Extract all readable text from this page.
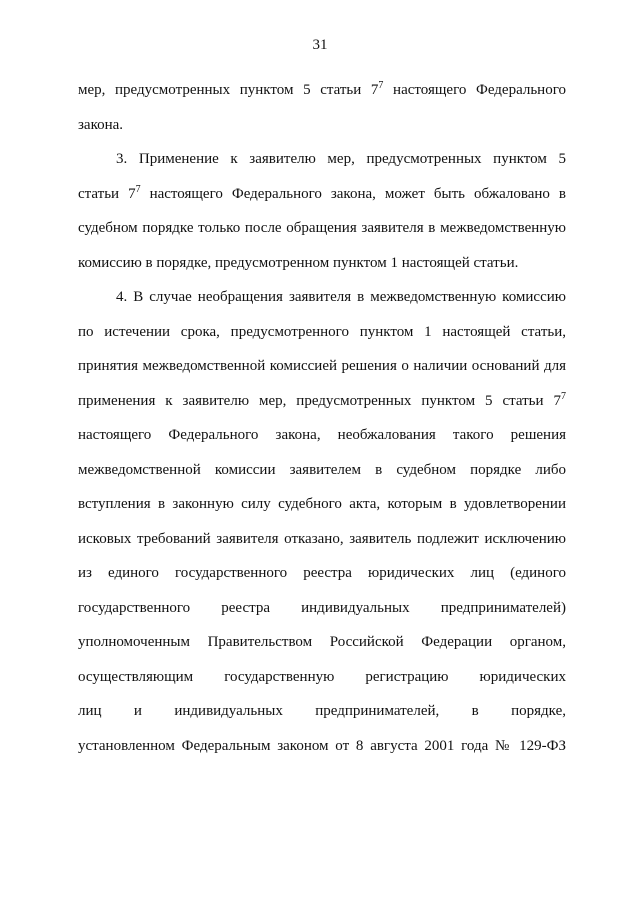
31
мер, предусмотренных пунктом 5 статьи $7^7$ настоящего Федерального
закона.
3. Применение к заявителю мер, предусмотренных пунктом 5
статьи $7^7$ настоящего Федерального закона, может быть обжаловано в
судебном порядке только после обращения заявителя в межведомственную
комиссию в порядке, предусмотренном пунктом 1 настоящей статьи.
4. В случае необращения заявителя в межведомственную комиссию
по истечении срока, предусмотренного пунктом 1 настоящей статьи,
принятия межведомственной комиссией решения о наличии оснований для
применения к заявителю мер, предусмотренных пунктом 5 статьи $7^7$
настоящего Федерального закона, необжалования такого решения
межведомственной комиссии заявителем в судебном порядке либо
вступления в законную силу судебного акта, которым в удовлетворении
исковых требований заявителя отказано, заявитель подлежит исключению
из единого государственного реестра юридических лиц (единого
государственного реестра индивидуальных предпринимателей)
уполномоченным Правительством Российской Федерации органом,
осуществляющим государственную регистрацию юридических
лиц и индивидуальных предпринимателей, в порядке,
установленном Федеральным законом от 8 августа 2001 года № 129-ФЗ
